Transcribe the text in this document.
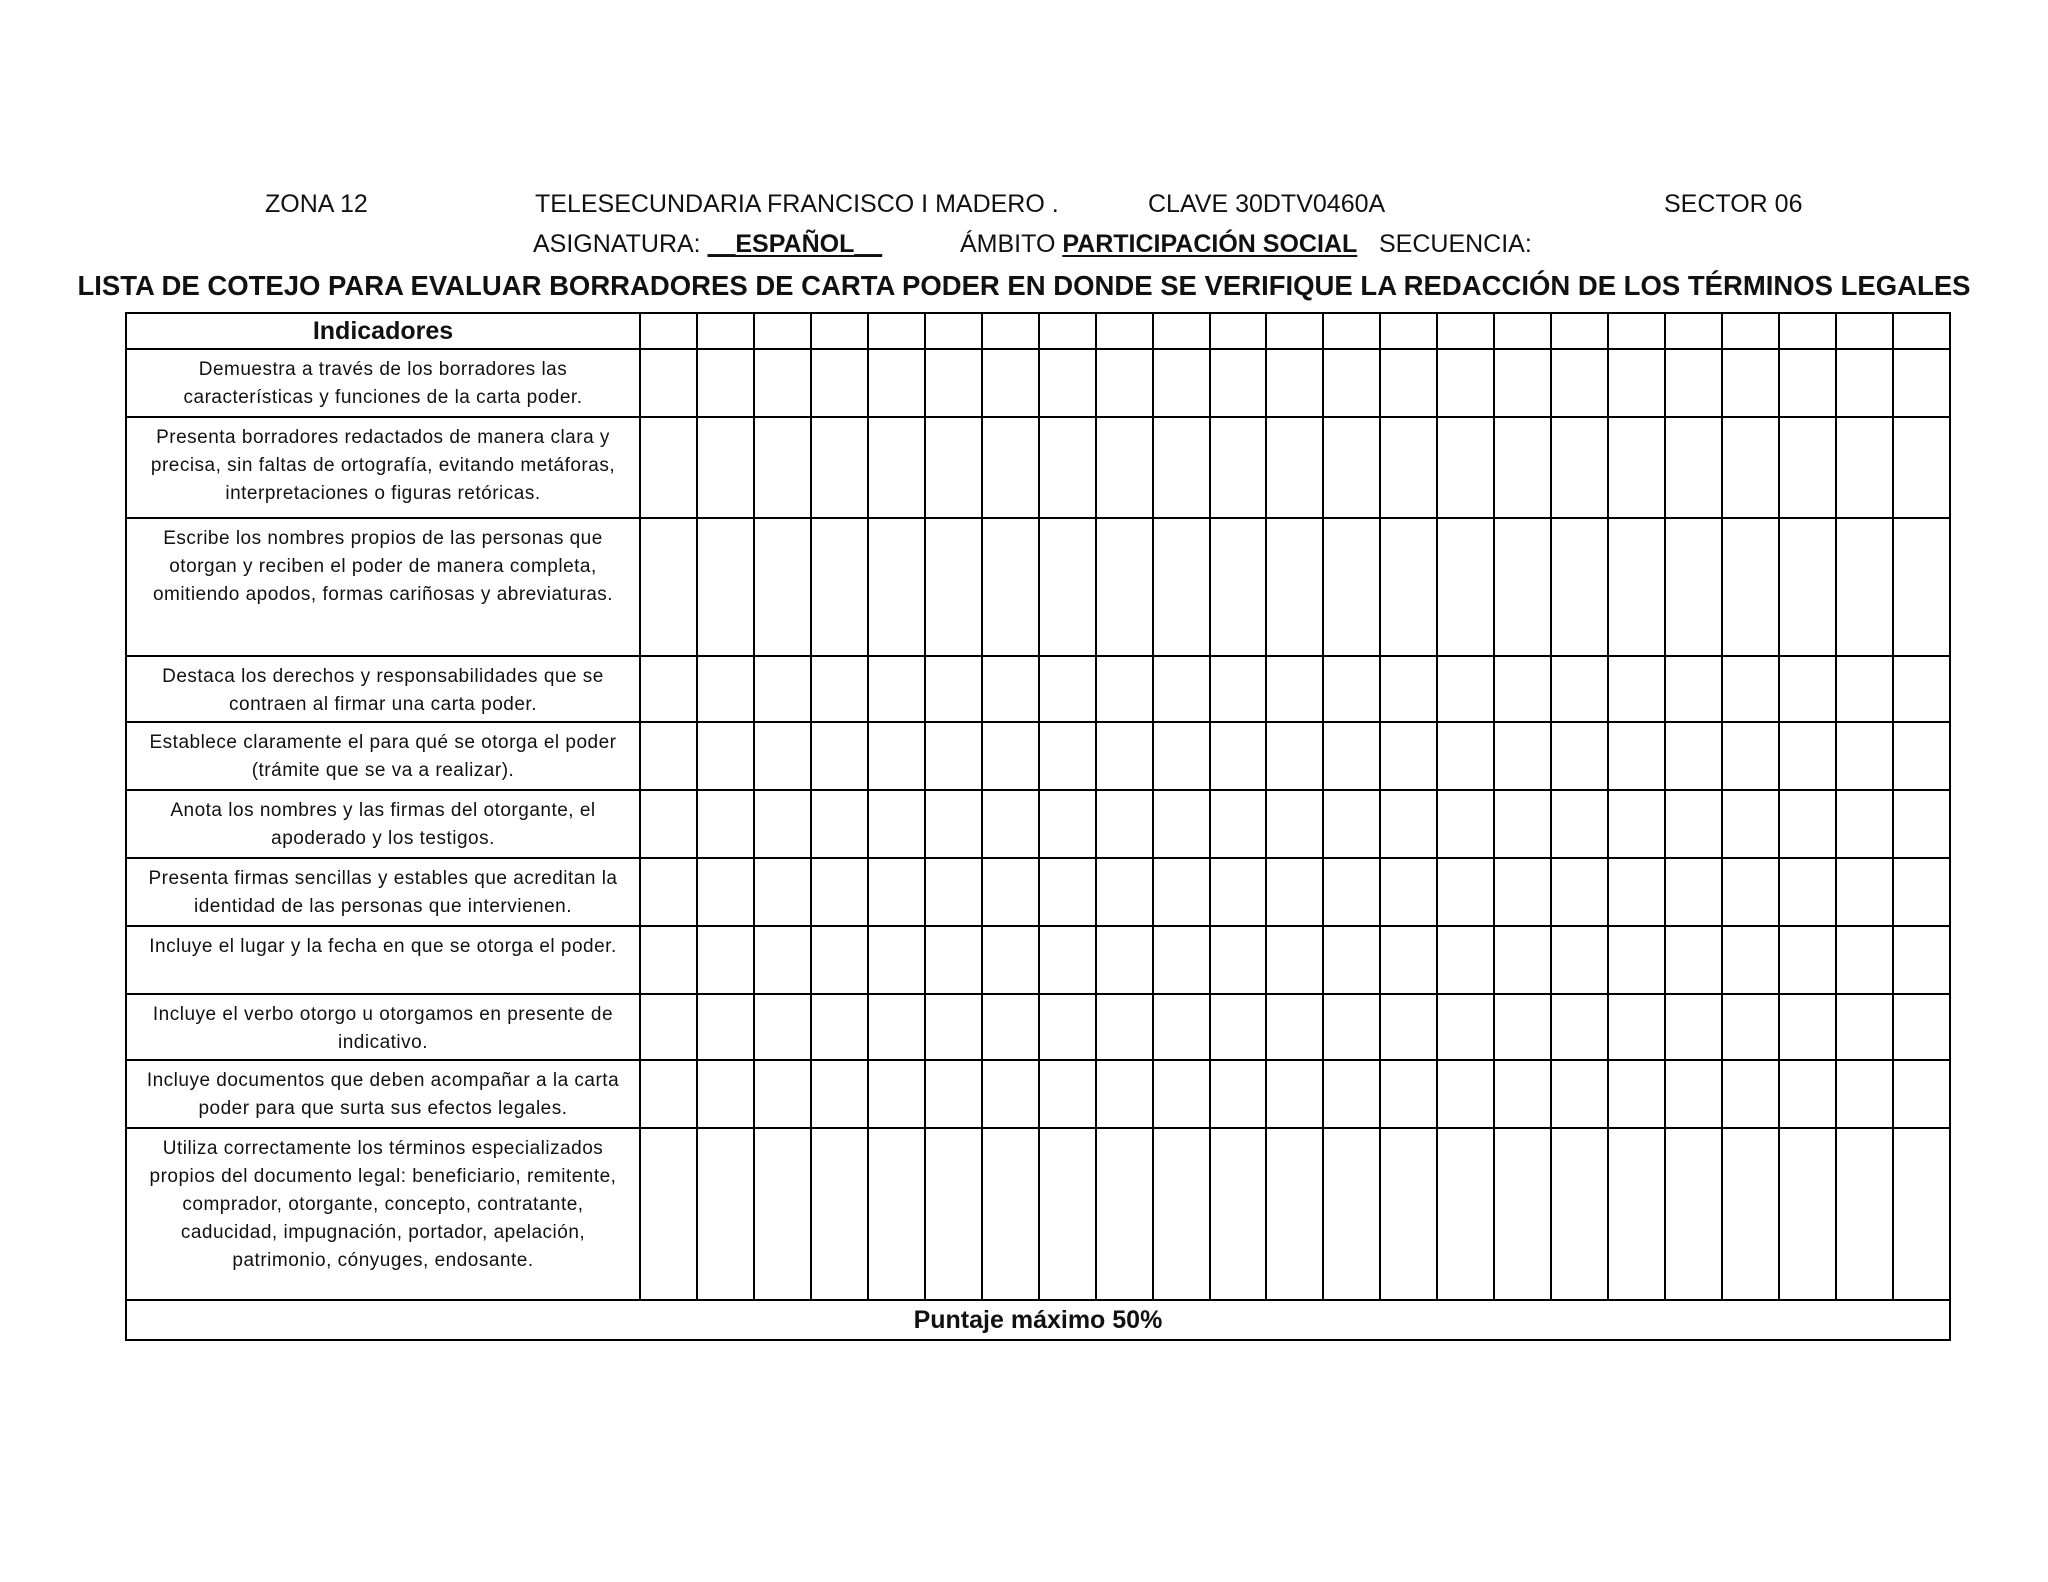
ZONA 12	TELESECUNDARIA FRANCISCO I MADERO .	CLAVE 30DTV0460A	SECTOR 06
ASIGNATURA: __ESPAÑOL__	ÁMBITO PARTICIPACIÓN SOCIAL SECUENCIA:
LISTA DE COTEJO PARA EVALUAR BORRADORES DE CARTA PODER EN DONDE SE VERIFIQUE LA REDACCIÓN DE LOS TÉRMINOS LEGALES
Indicadores																							
Demuestra a través de los borradores las características y funciones de la carta poder.																							
Presenta borradores redactados de manera clara y precisa, sin faltas de ortografía, evitando metáforas, interpretaciones o figuras retóricas.																							
Escribe los nombres propios de las personas que otorgan y reciben el poder de manera completa, omitiendo apodos, formas cariñosas y abreviaturas.																							
Destaca los derechos y responsabilidades que se contraen al firmar una carta poder.																							
Establece claramente el para qué se otorga el poder (trámite que se va a realizar).																							
Anota los nombres y las firmas del otorgante, el apoderado y los testigos.																							
Presenta firmas sencillas y estables que acreditan la identidad de las personas que intervienen.																							
Incluye el lugar y la fecha en que se otorga el poder.																							
Incluye el verbo otorgo u otorgamos en presente de indicativo.																							
Incluye documentos que deben acompañar a la carta poder para que surta sus efectos legales.																							
Utiliza correctamente los términos especializados propios del documento legal: beneficiario, remitente, comprador, otorgante, concepto, contratante, caducidad, impugnación, portador, apelación, patrimonio, cónyuges, endosante.																							
Puntaje máximo 50%																							
